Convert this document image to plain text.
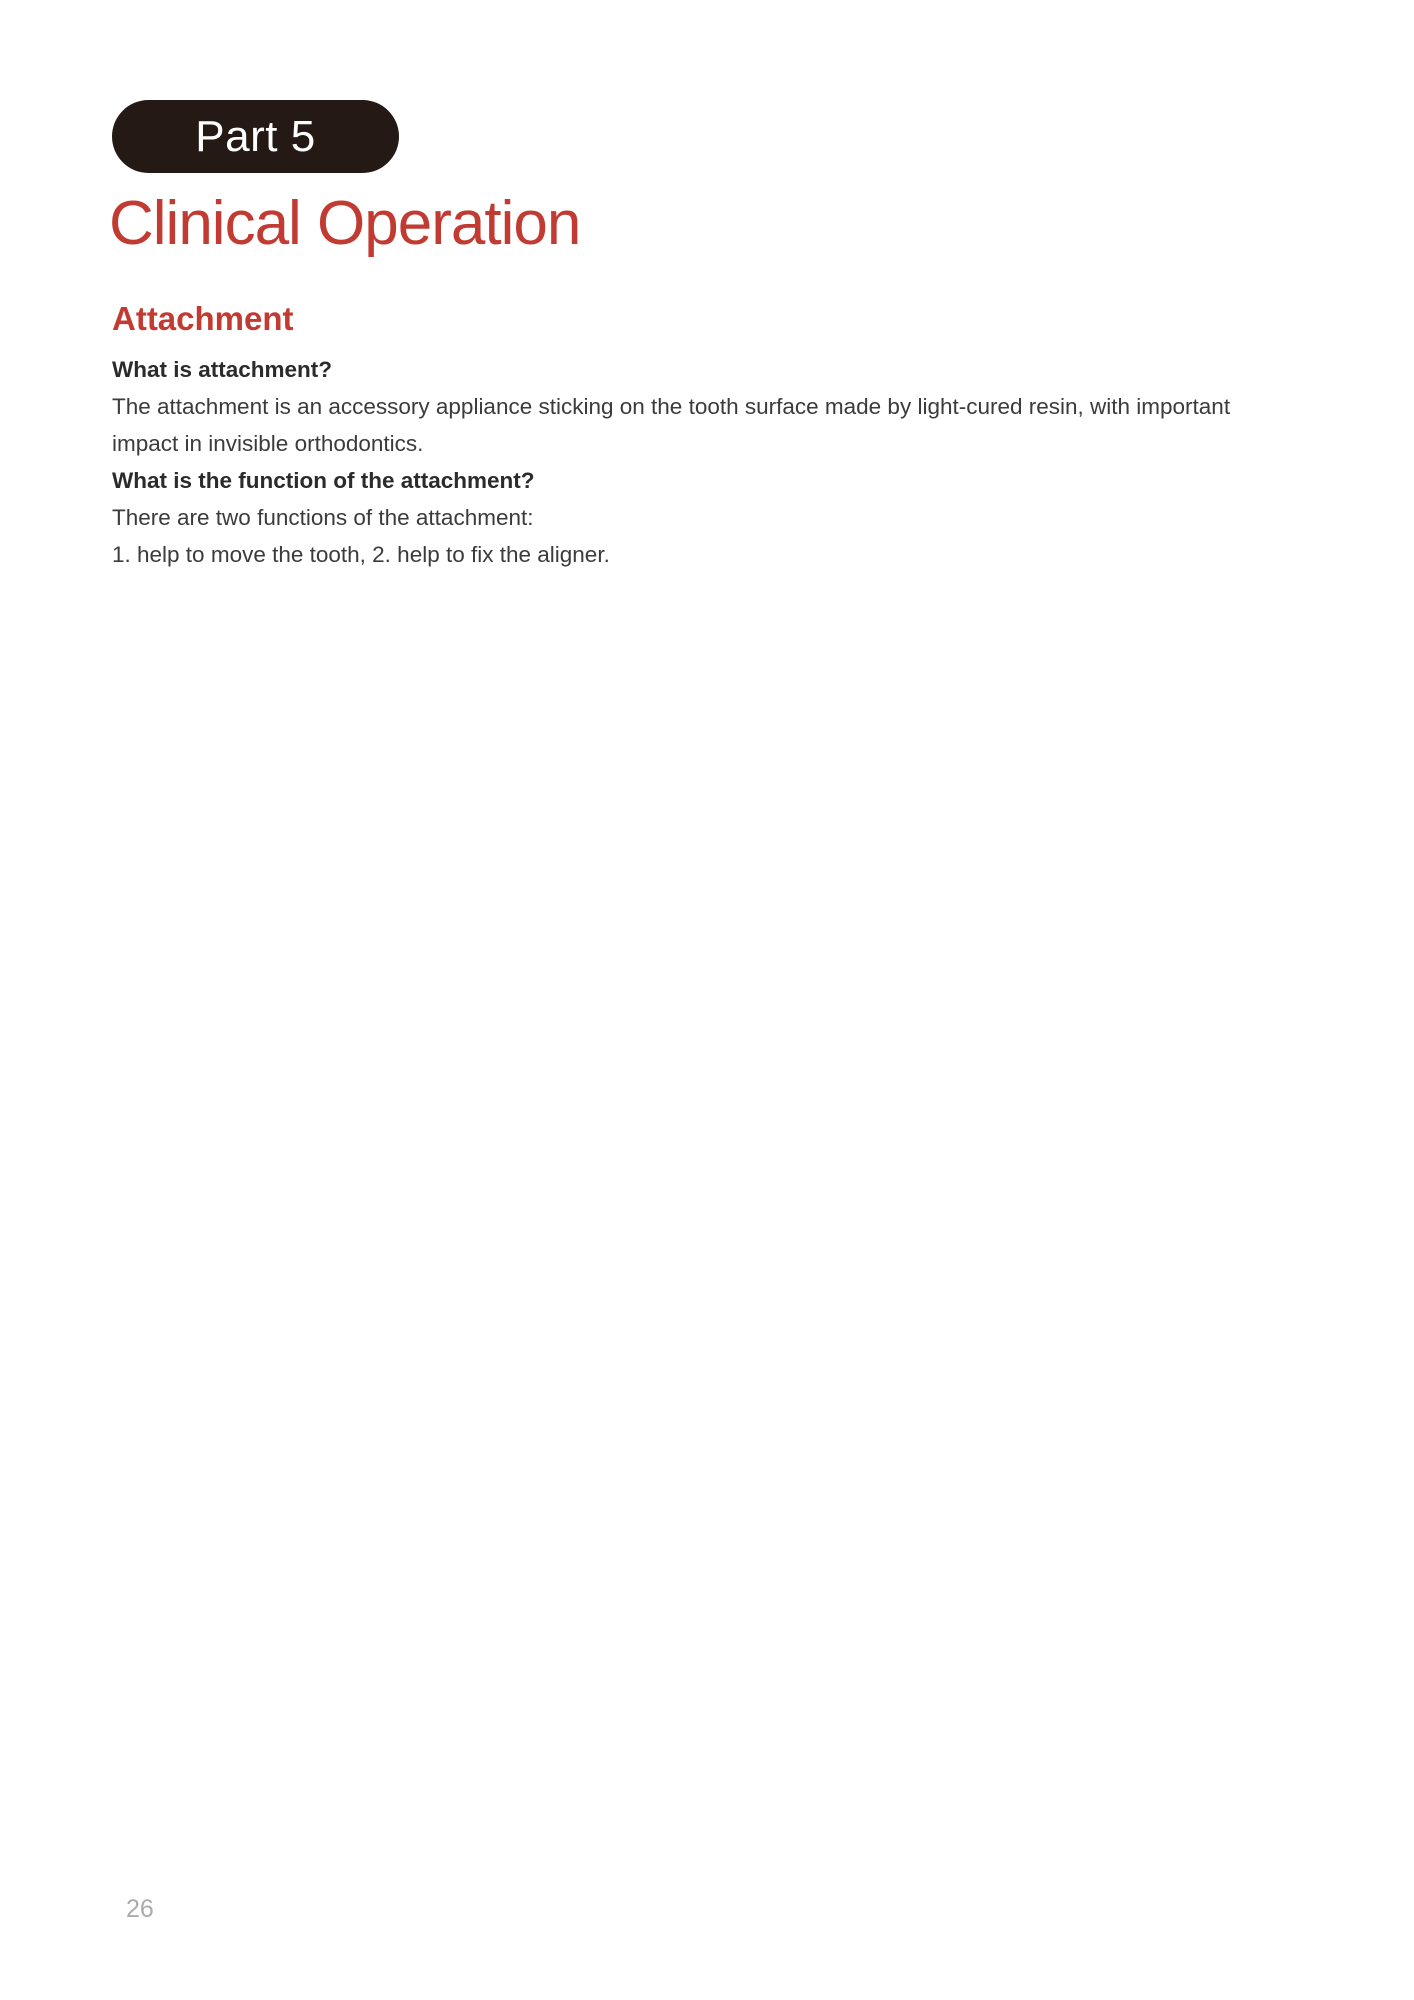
Part 5
Clinical Operation
Attachment

What is attachment?

The attachment is an accessory appliance sticking on the tooth surface made by light-cured resin, with important

impact in invisible orthodontics.

What is the function of the attachment?

There are two functions of the attachment:

1. help to move the tooth, 2. help to fix the aligner.

26
